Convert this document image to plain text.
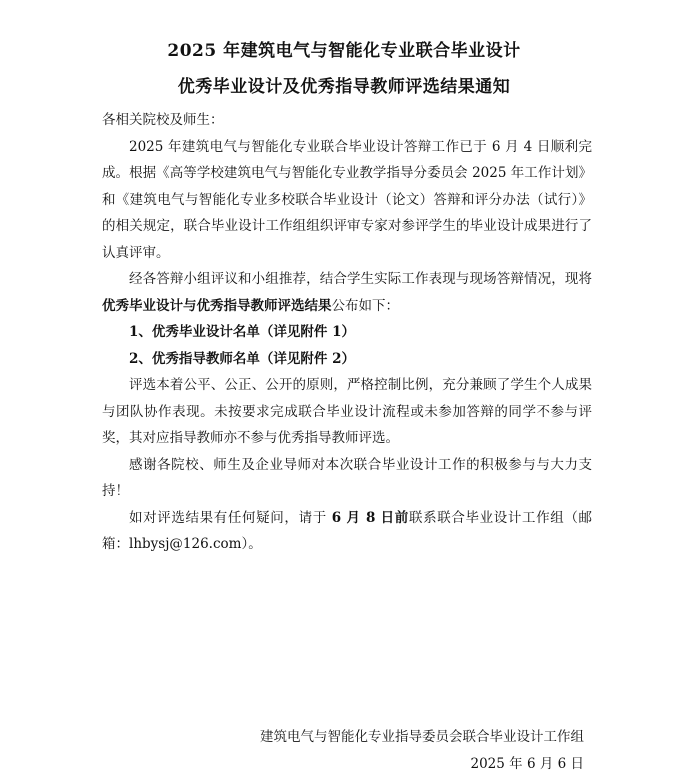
2025 年建筑电气与智能化专业联合毕业设计
优秀毕业设计及优秀指导教师评选结果通知

各相关院校及师生：

2025 年建筑电气与智能化专业联合毕业设计答辩工作已于 6 月 4 日顺利完成。根据《高等学校建筑电气与智能化专业教学指导分委员会 2025 年工作计划》和《建筑电气与智能化专业多校联合毕业设计（论文）答辩和评分办法（试行）》的相关规定，联合毕业设计工作组组织评审专家对参评学生的毕业设计成果进行了认真评审。

经各答辩小组评议和小组推荐，结合学生实际工作表现与现场答辩情况，现将优秀毕业设计与优秀指导教师评选结果公布如下：

1、优秀毕业设计名单（详见附件 1）

2、优秀指导教师名单（详见附件 2）

评选本着公平、公正、公开的原则，严格控制比例，充分兼顾了学生个人成果与团队协作表现。未按要求完成联合毕业设计流程或未参加答辩的同学不参与评奖，其对应指导教师亦不参与优秀指导教师评选。

感谢各院校、师生及企业导师对本次联合毕业设计工作的积极参与与大力支持！

如对评选结果有任何疑问，请于 6 月 8 日前联系联合毕业设计工作组（邮箱：lhbysj@126.com）。

建筑电气与智能化专业指导委员会联合毕业设计工作组
2025 年 6 月 6 日
